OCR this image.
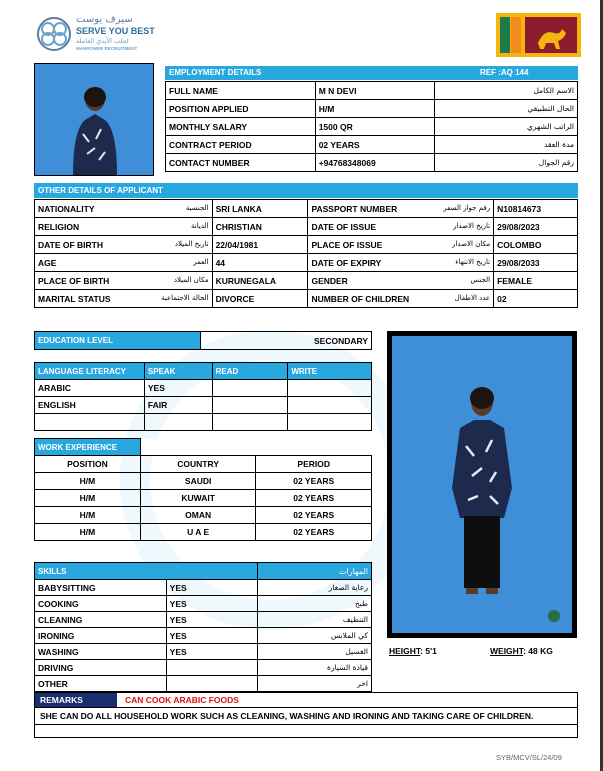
سيرف يوست
SERVE YOU BEST
لجلب الأيدي العاملة
MANPOWER RECRUITMENT
EMPLOYMENT DETAILS	REF :AQ 144
FULL NAME	M N DEVI	الاسم الكامل
POSITION APPLIED	H/M	الحال التطبيقي
MONTHLY SALARY	1500 QR	الراتب الشهري
CONTRACT PERIOD	02 YEARS	مدة العقد
CONTACT NUMBER	+94768348069	رقم الجوال
OTHER DETAILS OF APPLICANT
NATIONALITY الجنسية	SRI LANKA	PASSPORT NUMBER رقم جواز السفر	N10814673
RELIGION الديانة	CHRISTIAN	DATE OF ISSUE تاريخ الاصدار	29/08/2023
DATE OF BIRTH تاريخ الميلاد	22/04/1981	PLACE OF ISSUE مكان الاصدار	COLOMBO
AGE العمر	44	DATE OF EXPIRY تاريخ الانتهاء	29/08/2033
PLACE OF BIRTH مكان الميلاد	KURUNEGALA	GENDER الجنس	FEMALE
MARITAL STATUS الحالة الاجتماعية	DIVORCE	NUMBER OF CHILDREN عدد الاطفال	02
EDUCATION LEVEL	SECONDARY
LANGUAGE LITERACY	SPEAK	READ	WRITE
ARABIC	YES		
ENGLISH	FAIR		

WORK EXPERIENCE		
POSITION	COUNTRY	PERIOD
H/M	SAUDI	02 YEARS
H/M	KUWAIT	02 YEARS
H/M	OMAN	02 YEARS
H/M	U A E	02 YEARS
SKILLS		المهارات
BABYSITTING	YES	رعاية الصغار
COOKING	YES	طبخ
CLEANING	YES	التنظيف
IRONING	YES	كي الملابس
WASHING	YES	الغسيل
DRIVING		قيادة السيارة
OTHER		اخر
HEIGHT: 5'1	WEIGHT: 48 KG
REMARKS	CAN COOK ARABIC FOODS
SHE CAN DO ALL HOUSEHOLD WORK SUCH AS CLEANING, WASHING AND IRONING AND TAKING CARE OF CHILDREN.
SYB/MCV/SL/24/09
